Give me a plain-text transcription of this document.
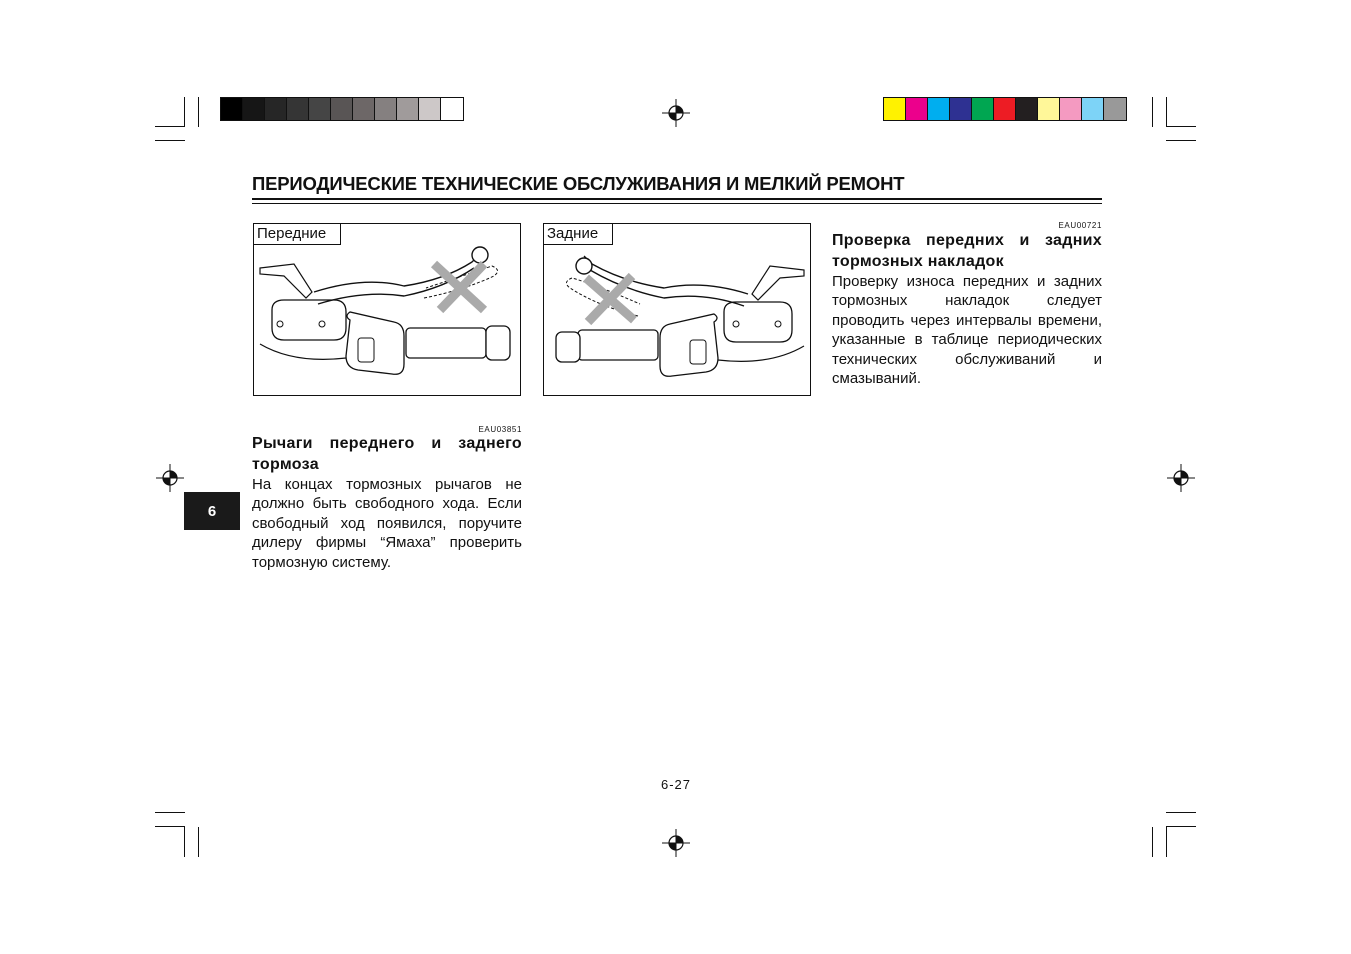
ПЕРИОДИЧЕСКИЕ ТЕХНИЧЕСКИЕ ОБСЛУЖИВАНИЯ И МЕЛКИЙ РЕМОНТ
Передние	Задние
EAU03851
Рычаги переднего и заднего
тормоза
На концах тормозных рычагов не должно быть свободного хода. Если свободный ход появился, поручите дилеру фирмы “Ямаха” проверить тормозную систему.
EAU00721
Проверка передних и задних
тормозных накладок
Проверку износа передних и задних тормозных накладок следует проводить через интервалы времени, указанные в таблице периодических технических обслуживаний и смазываний.
6
6-27
